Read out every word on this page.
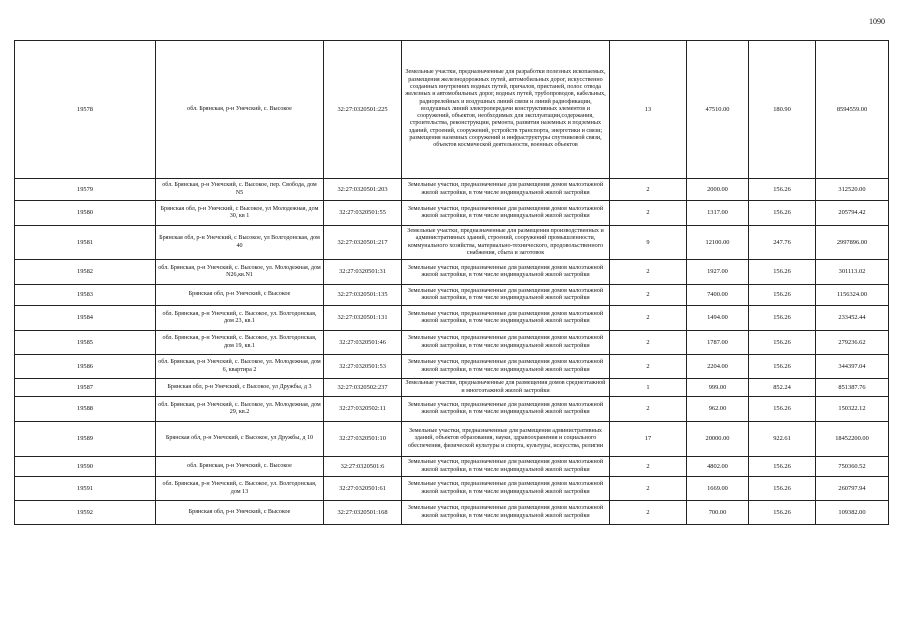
1090
19578	обл. Брянская, р-н Унечский, с. Высокое	32:27:0320501:225	Земельные участки, предназначенные для разработки полезных ископаемых, размещения железнодорожных путей, автомобильных дорог, искусственно созданных внутренних водных путей, причалов, пристаней, полос отвода железных и автомобильных дорог, водных путей, трубопроводов, кабельных, радиорелейных и воздушных линий связи и линий радиофикации, воздушных линий электропередачи конструктивных элементов и сооружений, объектов, необходимых для эксплуатации,содержания, строительства, реконструкции, ремонта, развития наземных и подземных зданий, строений, сооружений, устройств транспорта, энергетики и связи; размещения наземных сооружений и инфраструктуры спутниковой связи, объектов космической деятельности, военных объектов	13	47510.00	180.90	8594559.00
19579	обл. Брянская, р-н Унечский, с. Высокое, пер. Свобода, дом N5	32:27:0320501:203	Земельные участки, предназначенные для размещения домов малоэтажной жилой застройки, в том числе индивидуальной жилой застройки	2	2000.00	156.26	312520.00
19580	Брянская обл, р-н Унечский, с Высокое, ул Молодежная, дом 30, кв 1	32:27:0320501:55	Земельные участки, предназначенные для размещения домов малоэтажной жилой застройки, в том числе индивидуальной жилой застройки	2	1317.00	156.26	205794.42
19581	Брянская обл, р-н Унечский, с Высокое, ул Волгодонская, дом 40	32:27:0320501:217	Земельные участки, предназначенные для размещения производственных и административных зданий, строений, сооружений промышленности, коммунального хозяйства, материально-технического, продовольственного снабжения, сбыта и заготовок	9	12100.00	247.76	2997896.00
19582	обл. Брянская, р-н Унечский, с. Высокое, ул. Молодежная, дом N26,кв.N1	32:27:0320501:31	Земельные участки, предназначенные для размещения домов малоэтажной жилой застройки, в том числе индивидуальной жилой застройки	2	1927.00	156.26	301113.02
19583	Брянская обл, р-н Унечский, с Высокое	32:27:0320501:135	Земельные участки, предназначенные для размещения домов малоэтажной жилой застройки, в том числе индивидуальной жилой застройки	2	7400.00	156.26	1156324.00
19584	обл. Брянская, р-н Унечский, с. Высокое, ул. Волгодонская, дом 23, кв.1	32:27:0320501:131	Земельные участки, предназначенные для размещения домов малоэтажной жилой застройки, в том числе индивидуальной жилой застройки	2	1494.00	156.26	233452.44
19585	обл. Брянская, р-н Унечский, с. Высокое, ул. Волгодонская, дом 19, кв.1	32:27:0320501:46	Земельные участки, предназначенные для размещения домов малоэтажной жилой застройки, в том числе индивидуальной жилой застройки	2	1787.00	156.26	279236.62
19586	обл. Брянская, р-н Унечский, с. Высокое, ул. Молодежная, дом 6, квартира 2	32:27:0320501:53	Земельные участки, предназначенные для размещения домов малоэтажной жилой застройки, в том числе индивидуальной жилой застройки	2	2204.00	156.26	344397.04
19587	Брянская обл, р-н Унечский, с Высокое, ул Дружбы, д 3	32:27:0320502:237	Земельные участки, предназначенные для размещения домов среднеэтажной и многоэтажной жилой застройки	1	999.00	852.24	851387.76
19588	обл. Брянская, р-н Унечский, с. Высокое, ул. Молодежная, дом 29, кв.2	32:27:0320502:11	Земельные участки, предназначенные для размещения домов малоэтажной жилой застройки, в том числе индивидуальной жилой застройки	2	962.00	156.26	150322.12
19589	Брянская обл, р-н Унечский, с Высокое, ул Дружбы, д 10	32:27:0320501:10	Земельные участки, предназначенные для размещения административных зданий, объектов образования, науки, здравоохранения и социального обеспечения, физической культуры и спорта, культуры, искусства, религии	17	20000.00	922.61	18452200.00
19590	обл. Брянская, р-н Унечский, с. Высокое	32:27:0320501:6	Земельные участки, предназначенные для размещения домов малоэтажной жилой застройки, в том числе индивидуальной жилой застройки	2	4802.00	156.26	750360.52
19591	обл. Брянская, р-н Унечский, с. Высокое, ул. Волгодонская, дом 13	32:27:0320501:61	Земельные участки, предназначенные для размещения домов малоэтажной жилой застройки, в том числе индивидуальной жилой застройки	2	1669.00	156.26	260797.94
19592	Брянская обл, р-н Унечский, с Высокое	32:27:0320501:168	Земельные участки, предназначенные для размещения домов малоэтажной жилой застройки, в том числе индивидуальной жилой застройки	2	700.00	156.26	109382.00
